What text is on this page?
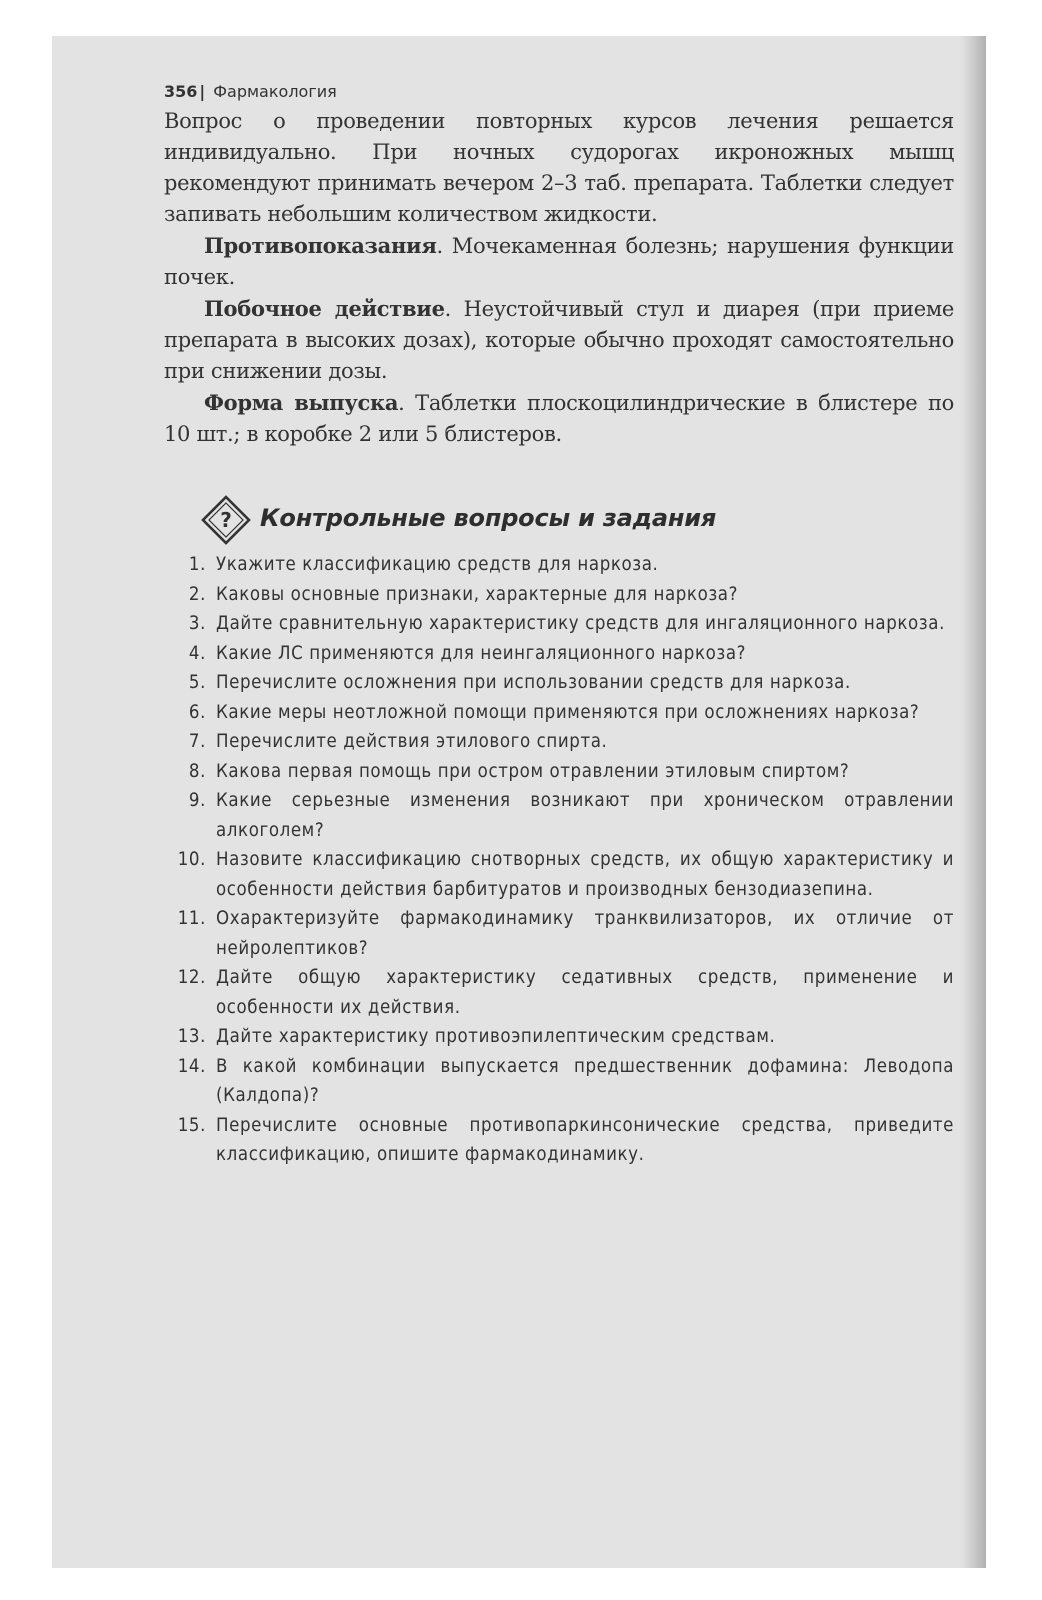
356 | Фармакология

Вопрос о проведении повторных курсов лечения решается индивидуально. При ночных судорогах икроножных мышц рекомендуют принимать вечером 2–3 таб. препарата. Таблетки следует запивать небольшим количеством жидкости.

Противопоказания. Мочекаменная болезнь; нарушения функции почек.

Побочное действие. Неустойчивый стул и диарея (при приеме препарата в высоких дозах), которые обычно проходят самостоятельно при снижении дозы.

Форма выпуска. Таблетки плоскоцилиндрические в блистере по 10 шт.; в коробке 2 или 5 блистеров.

? Контрольные вопросы и задания
1. Укажите классификацию средств для наркоза.
2. Каковы основные признаки, характерные для наркоза?
3. Дайте сравнительную характеристику средств для ингаляционного наркоза.
4. Какие ЛС применяются для неингаляционного наркоза?
5. Перечислите осложнения при использовании средств для наркоза.
6. Какие меры неотложной помощи применяются при осложнениях наркоза?
7. Перечислите действия этилового спирта.
8. Какова первая помощь при остром отравлении этиловым спиртом?
9. Какие серьезные изменения возникают при хроническом отравлении алкоголем?
10. Назовите классификацию снотворных средств, их общую характеристику и особенности действия барбитуратов и производных бензодиазепина.
11. Охарактеризуйте фармакодинамику транквилизаторов, их отличие от нейролептиков?
12. Дайте общую характеристику седативных средств, применение и особенности их действия.
13. Дайте характеристику противоэпилептическим средствам.
14. В какой комбинации выпускается предшественник дофамина: Леводопа (Калдопа)?
15. Перечислите основные противопаркинсонические средства, приведите классификацию, опишите фармакодинамику.
